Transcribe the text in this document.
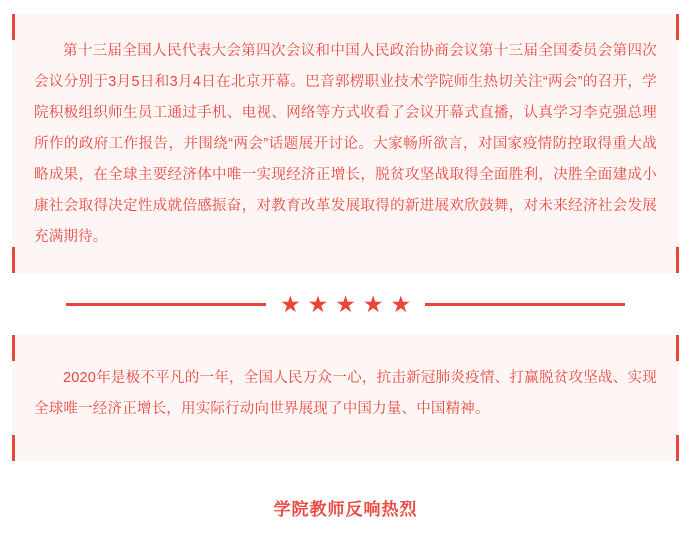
第十三届全国人民代表大会第四次会议和中国人民政治协商会议第十三届全国委员会第四次会议分别于3月5日和3月4日在北京开幕。巴音郭楞职业技术学院师生热切关注“两会”的召开，学院积极组织师生员工通过手机、电视、网络等方式收看了会议开幕式直播，认真学习李克强总理所作的政府工作报告，并围绕“两会”话题展开讨论。大家畅所欲言，对国家疫情防控取得重大战略成果，在全球主要经济体中唯一实现经济正增长，脱贫攻坚战取得全面胜利，决胜全面建成小康社会取得决定性成就倍感振奋，对教育改革发展取得的新进展欢欣鼓舞，对未来经济社会发展充满期待。

★ ★ ★ ★ ★

2020年是极不平凡的一年，全国人民万众一心，抗击新冠肺炎疫情、打赢脱贫攻坚战、实现全球唯一经济正增长，用实际行动向世界展现了中国力量、中国精神。

学院教师反响热烈
